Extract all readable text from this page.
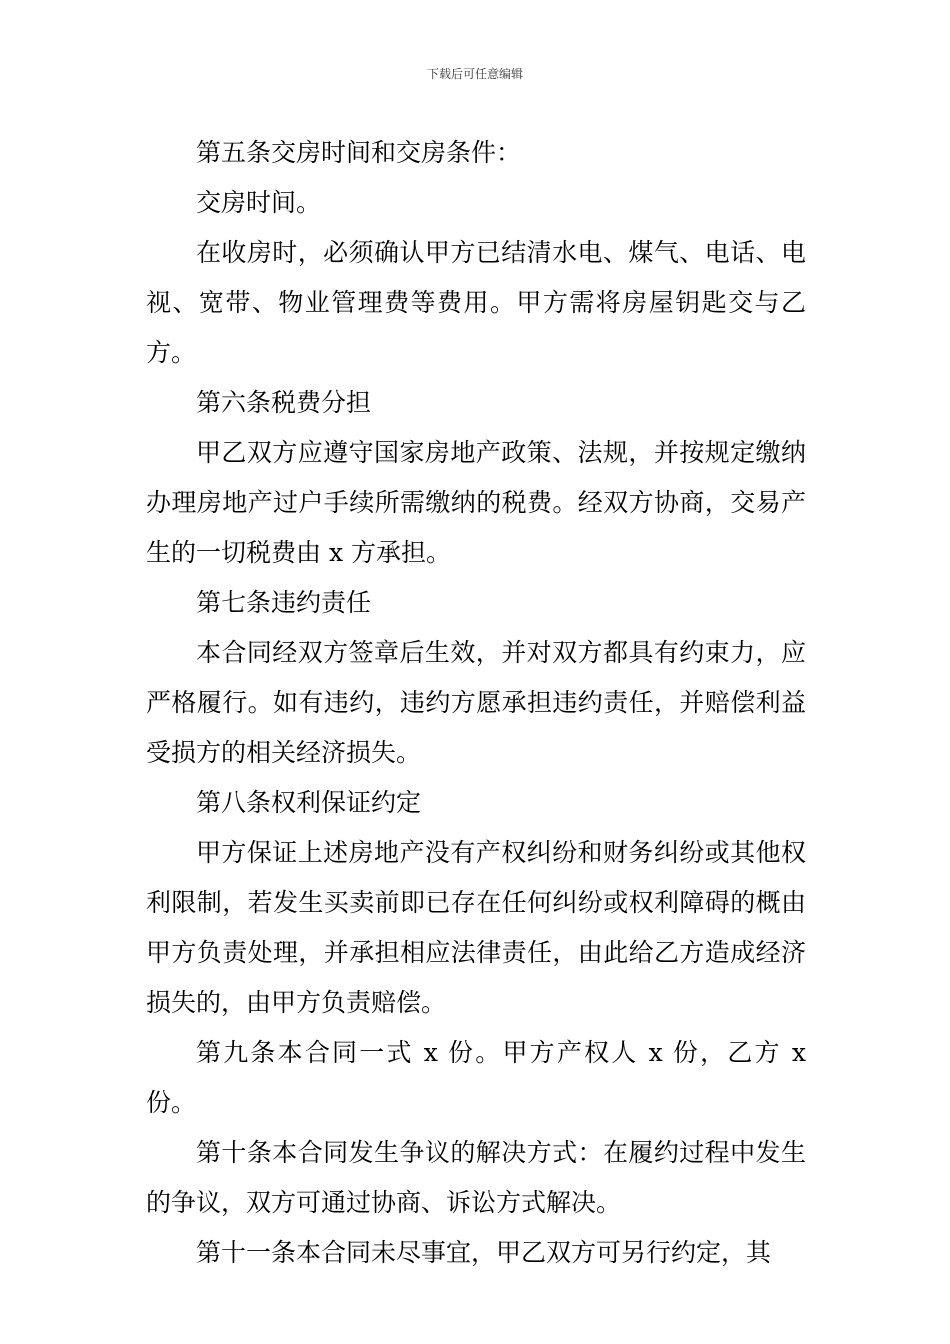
下载后可任意编辑

第五条交房时间和交房条件：

交房时间。

在收房时，必须确认甲方已结清水电、煤气、电话、电视、宽带、物业管理费等费用。甲方需将房屋钥匙交与乙方。

第六条税费分担

甲乙双方应遵守国家房地产政策、法规，并按规定缴纳办理房地产过户手续所需缴纳的税费。经双方协商，交易产生的一切税费由 x 方承担。

第七条违约责任

本合同经双方签章后生效，并对双方都具有约束力，应严格履行。如有违约，违约方愿承担违约责任，并赔偿利益受损方的相关经济损失。

第八条权利保证约定

甲方保证上述房地产没有产权纠纷和财务纠纷或其他权利限制，若发生买卖前即已存在任何纠纷或权利障碍的概由甲方负责处理，并承担相应法律责任，由此给乙方造成经济损失的，由甲方负责赔偿。

第九条本合同一式 x 份。甲方产权人 x 份，乙方 x 份。

第十条本合同发生争议的解决方式：在履约过程中发生的争议，双方可通过协商、诉讼方式解决。

第十一条本合同未尽事宜，甲乙双方可另行约定，其
